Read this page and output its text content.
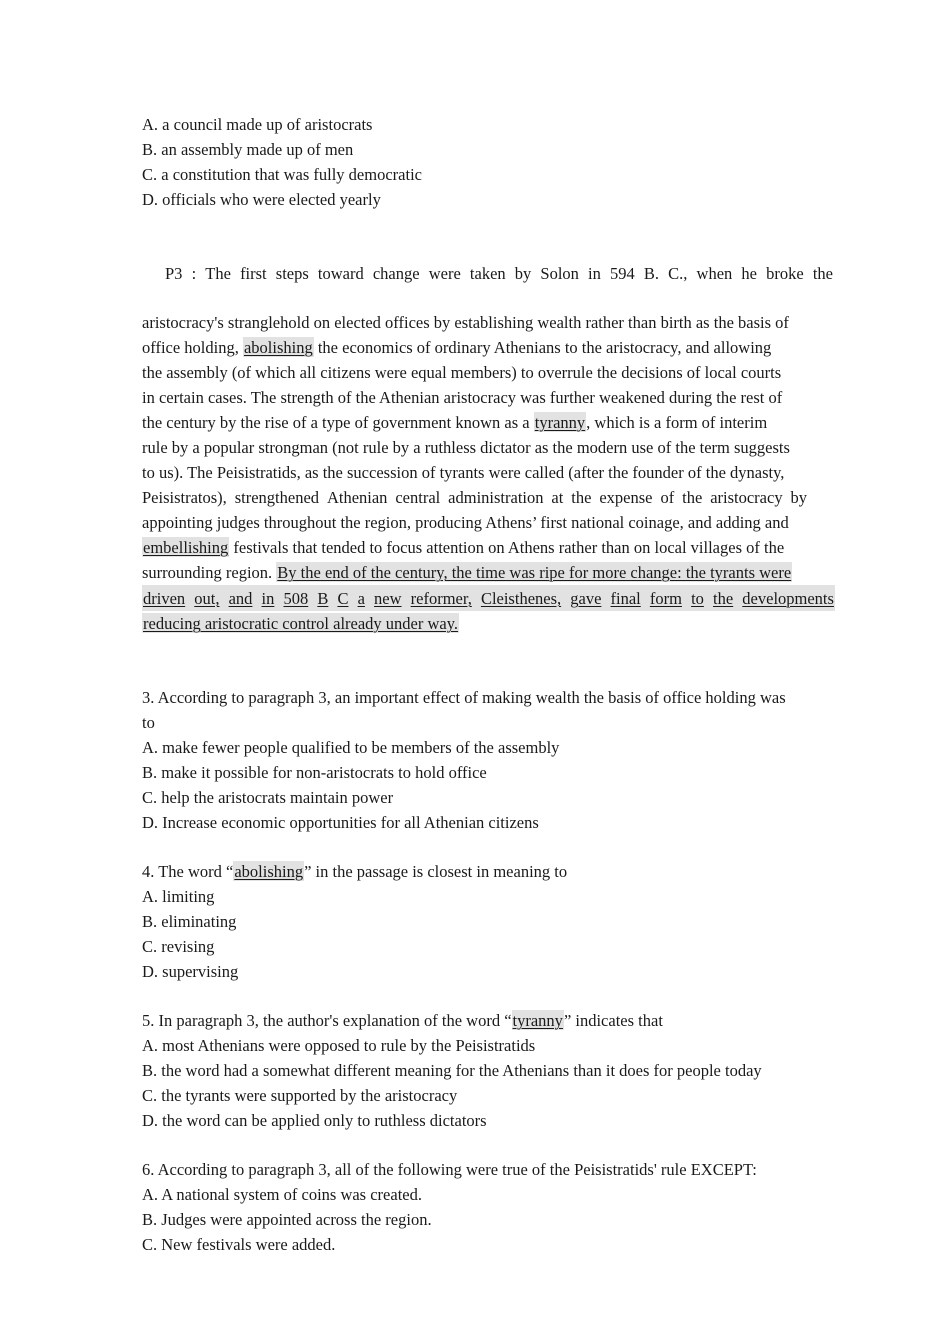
A. a council made up of aristocrats
B. an assembly made up of men
C. a constitution that was fully democratic
D. officials who were elected yearly
P3 : The first steps toward change were taken by Solon in 594 B. C., when he broke the
aristocracy's stranglehold on elected offices by establishing wealth rather than birth as the basis of
office holding, abolishing the economics of ordinary Athenians to the aristocracy, and allowing
the assembly (of which all citizens were equal members) to overrule the decisions of local courts
in certain cases. The strength of the Athenian aristocracy was further weakened during the rest of
the century by the rise of a type of government known as a tyranny, which is a form of interim
rule by a popular strongman (not rule by a ruthless dictator as the modern use of the term suggests
to us). The Peisistratids, as the succession of tyrants were called (after the founder of the dynasty,
Peisistratos), strengthened Athenian central administration at the expense of the aristocracy by
appointing judges throughout the region, producing Athens’ first national coinage, and adding and
embellishing festivals that tended to focus attention on Athens rather than on local villages of the
surrounding region. By the end of the century, the time was ripe for more change: the tyrants were
driven out, and in 508 B C a new reformer, Cleisthenes, gave final form to the developments
reducing aristocratic control already under way.
3. According to paragraph 3, an important effect of making wealth the basis of office holding was
to
A. make fewer people qualified to be members of the assembly
B. make it possible for non-aristocrats to hold office
C. help the aristocrats maintain power
D. Increase economic opportunities for all Athenian citizens
4. The word “abolishing” in the passage is closest in meaning to
A. limiting
B. eliminating
C. revising
D. supervising
5. In paragraph 3, the author's explanation of the word “tyranny” indicates that
A. most Athenians were opposed to rule by the Peisistratids
B. the word had a somewhat different meaning for the Athenians than it does for people today
C. the tyrants were supported by the aristocracy
D. the word can be applied only to ruthless dictators
6. According to paragraph 3, all of the following were true of the Peisistratids' rule EXCEPT:
A. A national system of coins was created.
B. Judges were appointed across the region.
C. New festivals were added.
